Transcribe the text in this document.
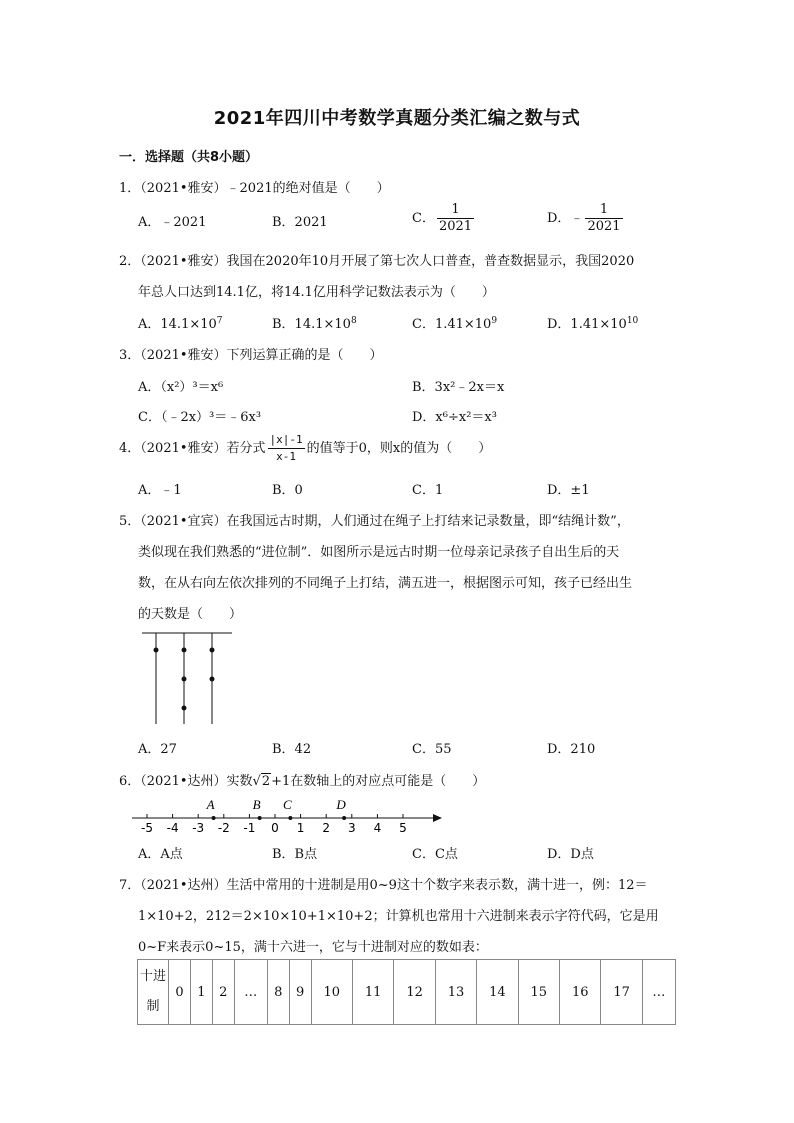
2021年四川中考数学真题分类汇编之数与式
一．选择题（共8小题）
1．（2021•雅安）﹣2021的绝对值是（　　）
A．﹣2021	B．2021	C． $\frac{1}{2021}$	D．﹣ $\frac{1}{2021}$
2．（2021•雅安）我国在2020年10月开展了第七次人口普查，普查数据显示，我国2020
年总人口达到14.1亿，将14.1亿用科学记数法表示为（　　）
A．$14.1\times 10^7$	B．$14.1\times 10^8$	C．$1.41\times 10^9$	D．$1.41\times 10^{10}$
3．（2021•雅安）下列运算正确的是（　　）
A．（x²）³＝x⁶	B．3x²﹣2x＝x
C．（﹣2x）³＝﹣6x³	D．x⁶÷x²＝x³
4．（2021•雅安）若分式 $\frac{|x|-1}{x-1}$ 的值等于0，则x的值为（　　）
A．﹣1	B．0	C．1	D．±1
5．（2021•宜宾）在我国远古时期，人们通过在绳子上打结来记录数量，即“结绳计数”，
类似现在我们熟悉的“进位制”．如图所示是远古时期一位母亲记录孩子自出生后的天
数，在从右向左依次排列的不同绳子上打结，满五进一，根据图示可知，孩子已经出生
的天数是（　　）
A．27	B．42	C．55	D．210
6．（2021•达州）实数√2+1在数轴上的对应点可能是（　　）
-5 -4 -3 -2 -1 0 1 2 3 4 5
A	B C	D
A．A点	B．B点	C．C点	D．D点
7．（2021•达州）生活中常用的十进制是用0~9这十个数字来表示数，满十进一，例：12＝
1×10+2，212＝2×10×10+1×10+2；计算机也常用十六进制来表示字符代码，它是用
0~F来表示0~15，满十六进一，它与十进制对应的数如表：
十进制	0	1	2	…	8	9	10	11	12	13	14	15	16	17	…
